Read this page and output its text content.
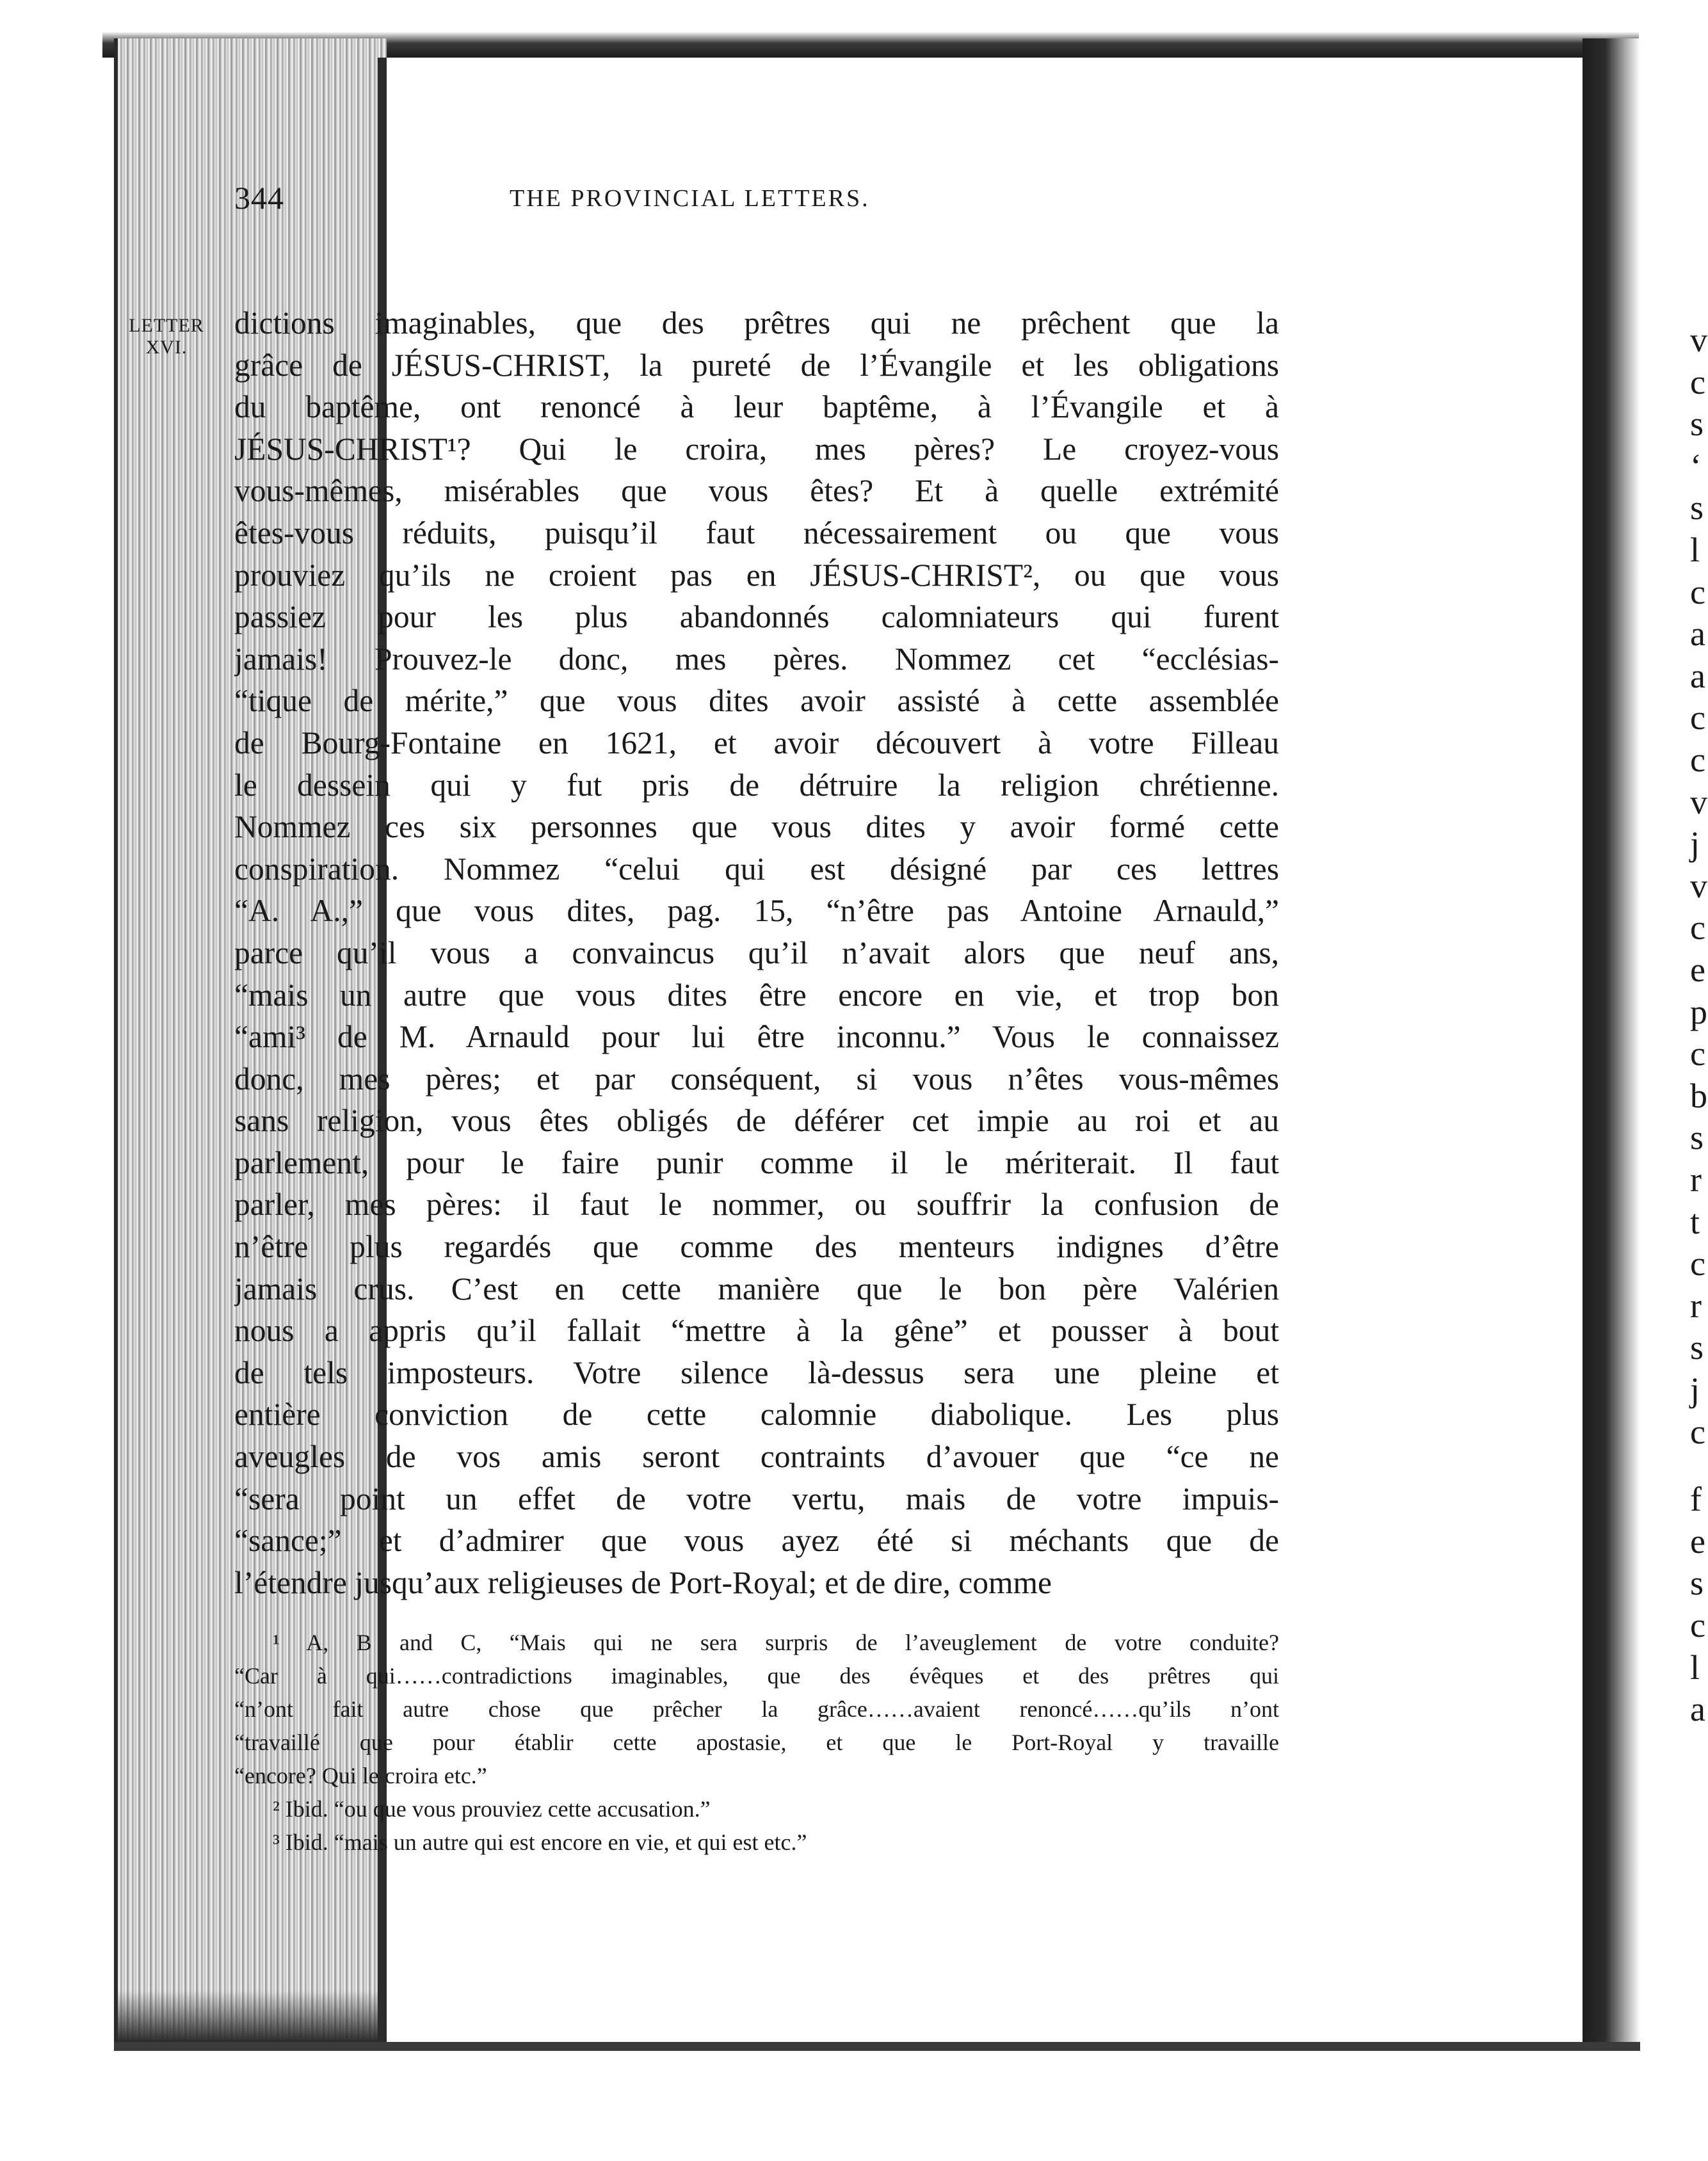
v
c
s
‘
s
l
c
a
a
c
c
v
j
v
c
e
p
c
b
s
r
t
c
r
s
j
c
f
e
s
c
l
a
344	THE PROVINCIAL LETTERS.
LETTER
XVI.
dictions imaginables, que des prêtres qui ne prêchent que la
grâce de JÉSUS-CHRIST, la pureté de l’Évangile et les obligations
du baptême, ont renoncé à leur baptême, à l’Évangile et à
JÉSUS-CHRIST¹? Qui le croira, mes pères? Le croyez-vous
vous-mêmes, misérables que vous êtes? Et à quelle extrémité
êtes-vous réduits, puisqu’il faut nécessairement ou que vous
prouviez qu’ils ne croient pas en JÉSUS-CHRIST², ou que vous
passiez pour les plus abandonnés calomniateurs qui furent
jamais! Prouvez-le donc, mes pères. Nommez cet “ecclésias-
“tique de mérite,” que vous dites avoir assisté à cette assemblée
de Bourg-Fontaine en 1621, et avoir découvert à votre Filleau
le dessein qui y fut pris de détruire la religion chrétienne.
Nommez ces six personnes que vous dites y avoir formé cette
conspiration. Nommez “celui qui est désigné par ces lettres
“A. A.,” que vous dites, pag. 15, “n’être pas Antoine Arnauld,”
parce qu’il vous a convaincus qu’il n’avait alors que neuf ans,
“mais un autre que vous dites être encore en vie, et trop bon
“ami³ de M. Arnauld pour lui être inconnu.” Vous le connaissez
donc, mes pères; et par conséquent, si vous n’êtes vous-mêmes
sans religion, vous êtes obligés de déférer cet impie au roi et au
parlement, pour le faire punir comme il le mériterait. Il faut
parler, mes pères: il faut le nommer, ou souffrir la confusion de
n’être plus regardés que comme des menteurs indignes d’être
jamais crus. C’est en cette manière que le bon père Valérien
nous a appris qu’il fallait “mettre à la gêne” et pousser à bout
de tels imposteurs. Votre silence là-dessus sera une pleine et
entière conviction de cette calomnie diabolique. Les plus
aveugles de vos amis seront contraints d’avouer que “ce ne
“sera point un effet de votre vertu, mais de votre impuis-
“sance;” et d’admirer que vous ayez été si méchants que de
l’étendre jusqu’aux religieuses de Port-Royal; et de dire, comme
¹ A, B and C, “Mais qui ne sera surpris de l’aveuglement de votre conduite?
“Car à qui……contradictions imaginables, que des évêques et des prêtres qui
“n’ont fait autre chose que prêcher la grâce……avaient renoncé……qu’ils n’ont
“travaillé que pour établir cette apostasie, et que le Port-Royal y travaille
“encore? Qui le croira etc.”
² Ibid. “ou que vous prouviez cette accusation.”
³ Ibid. “mais un autre qui est encore en vie, et qui est etc.”
